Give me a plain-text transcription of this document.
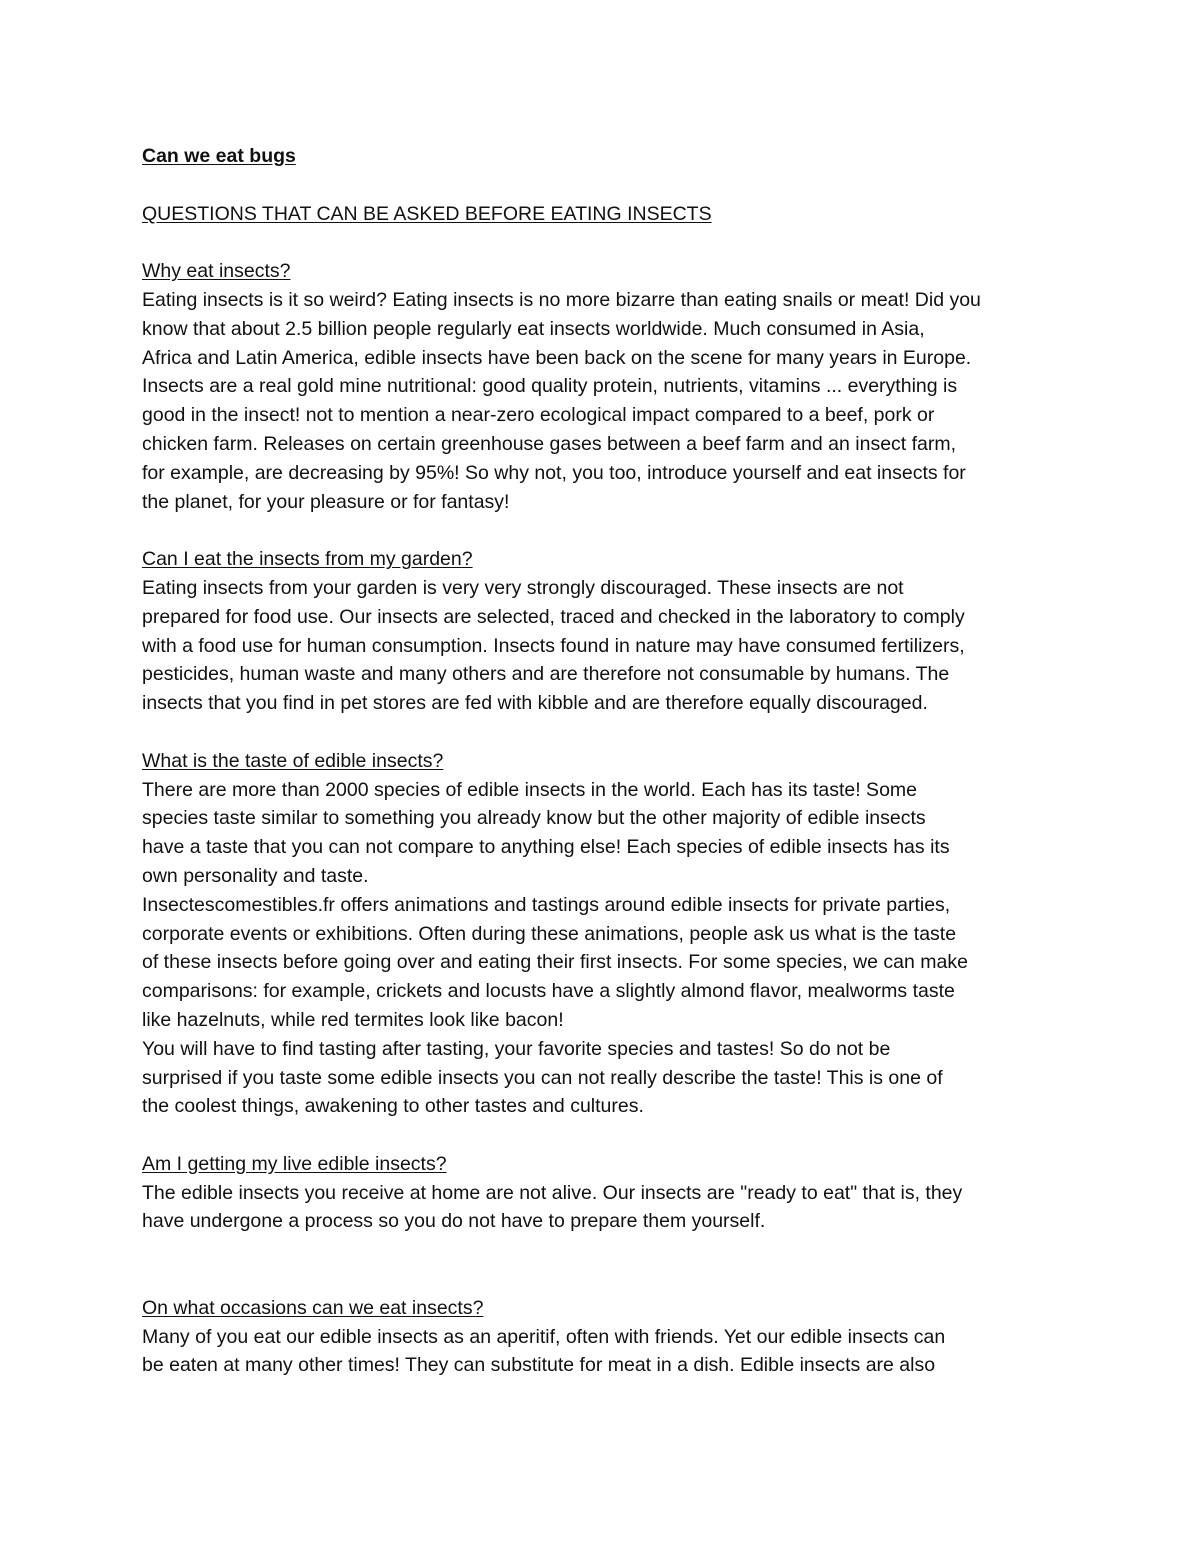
Can we eat bugs
QUESTIONS THAT CAN BE ASKED BEFORE EATING INSECTS
Why eat insects?
Eating insects is it so weird? Eating insects is no more bizarre than eating snails or meat! Did you
know that about 2.5 billion people regularly eat insects worldwide. Much consumed in Asia,
Africa and Latin America, edible insects have been back on the scene for many years in Europe.
Insects are a real gold mine nutritional: good quality protein, nutrients, vitamins ... everything is
good in the insect! not to mention a near-zero ecological impact compared to a beef, pork or
chicken farm. Releases on certain greenhouse gases between a beef farm and an insect farm,
for example, are decreasing by 95%! So why not, you too, introduce yourself and eat insects for
the planet, for your pleasure or for fantasy!
Can I eat the insects from my garden?
Eating insects from your garden is very very strongly discouraged. These insects are not
prepared for food use. Our insects are selected, traced and checked in the laboratory to comply
with a food use for human consumption. Insects found in nature may have consumed fertilizers,
pesticides, human waste and many others and are therefore not consumable by humans. The
insects that you find in pet stores are fed with kibble and are therefore equally discouraged.
What is the taste of edible insects?
There are more than 2000 species of edible insects in the world. Each has its taste! Some
species taste similar to something you already know but the other majority of edible insects
have a taste that you can not compare to anything else! Each species of edible insects has its
own personality and taste.
Insectescomestibles.fr offers animations and tastings around edible insects for private parties,
corporate events or exhibitions. Often during these animations, people ask us what is the taste
of these insects before going over and eating their first insects. For some species, we can make
comparisons: for example, crickets and locusts have a slightly almond flavor, mealworms taste
like hazelnuts, while red termites look like bacon!
You will have to find tasting after tasting, your favorite species and tastes! So do not be
surprised if you taste some edible insects you can not really describe the taste! This is one of
the coolest things, awakening to other tastes and cultures.
Am I getting my live edible insects?
The edible insects you receive at home are not alive. Our insects are "ready to eat" that is, they
have undergone a process so you do not have to prepare them yourself.
On what occasions can we eat insects?
Many of you eat our edible insects as an aperitif, often with friends. Yet our edible insects can
be eaten at many other times! They can substitute for meat in a dish. Edible insects are also
